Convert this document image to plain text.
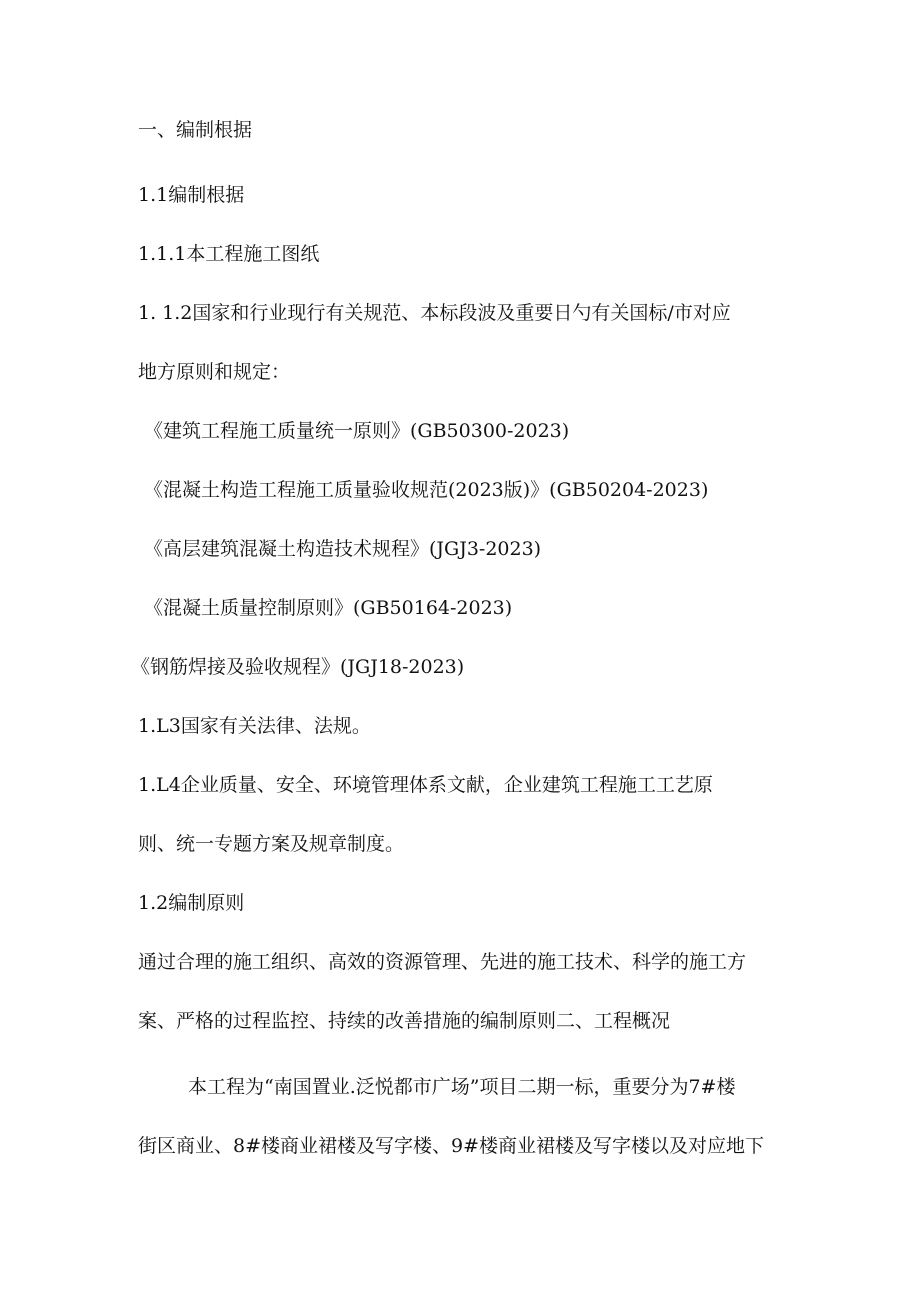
一、编制根据
1.1编制根据
1.1.1本工程施工图纸
1. 1.2国家和行业现行有关规范、本标段波及重要日勺有关国标/市对应
地方原则和规定：
《建筑工程施工质量统一原则》(GB50300-2023)
《混凝土构造工程施工质量验收规范(2023版)》(GB50204-2023)
《高层建筑混凝土构造技术规程》(JGJ3-2023)
《混凝土质量控制原则》(GB50164-2023)
《钢筋焊接及验收规程》(JGJ18-2023)
1.L3国家有关法律、法规。
1.L4企业质量、安全、环境管理体系文献，企业建筑工程施工工艺原
则、统一专题方案及规章制度。
1.2编制原则
通过合理的施工组织、高效的资源管理、先进的施工技术、科学的施工方
案、严格的过程监控、持续的改善措施的编制原则二、工程概况
本工程为“南国置业.泛悦都市广场”项目二期一标，重要分为7#楼
街区商业、8#楼商业裙楼及写字楼、9#楼商业裙楼及写字楼以及对应地下
